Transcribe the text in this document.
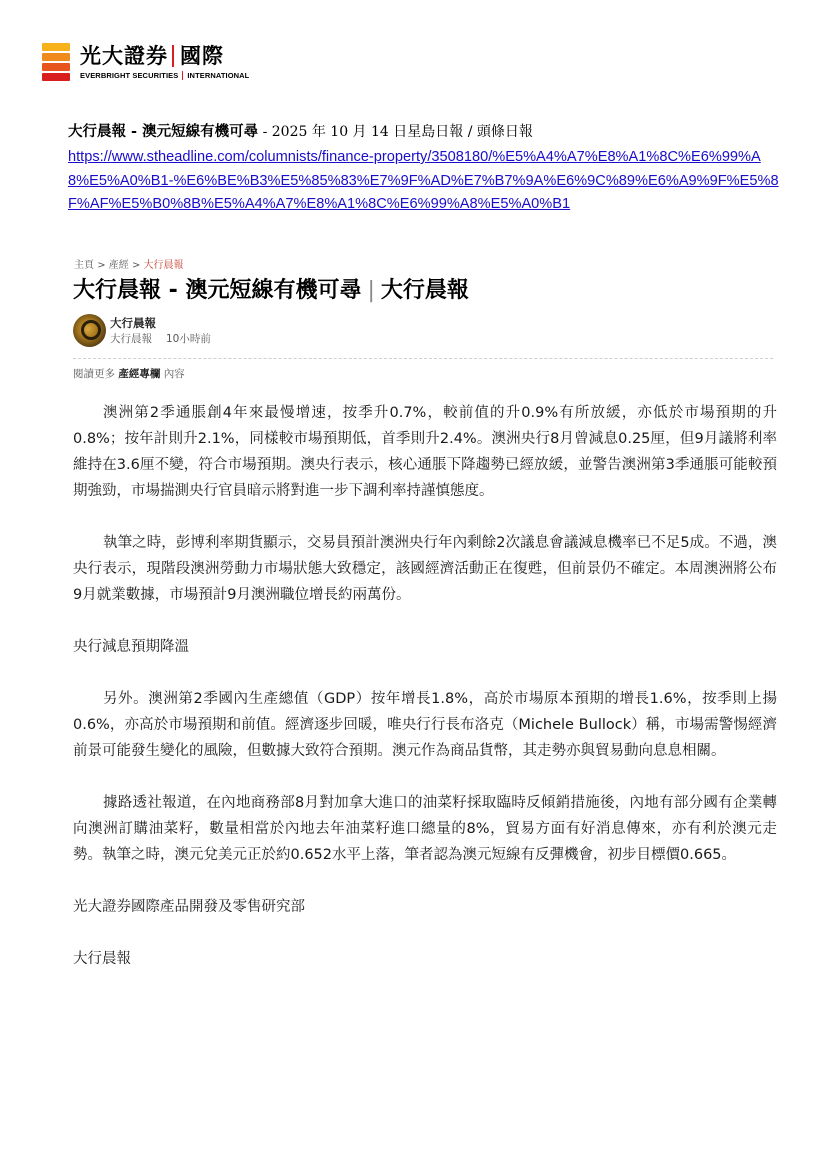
光大證券 國際
EVERBRIGHT SECURITIES INTERNATIONAL
大行晨報 - 澳元短線有機可尋 - 2025 年 10 月 14 日星島日報 / 頭條日報
https://www.stheadline.com/columnists/finance-property/3508180/%E5%A4%A7%E8%A1%8C%E6%99%A8%E5%A0%B1-%E6%BE%B3%E5%85%83%E7%9F%AD%E7%B7%9A%E6%9C%89%E6%A9%9F%E5%8F%AF%E5%B0%8B%E5%A4%A7%E8%A1%8C%E6%99%A8%E5%A0%B1
主頁 > 產經 > 大行晨報
大行晨報 - 澳元短線有機可尋 | 大行晨報
大行晨報
大行晨報 10小時前
閱讀更多 產經專欄 內容

澳洲第2季通脹創4年來最慢增速，按季升0.7%，較前值的升0.9%有所放緩，亦低於市場預期的升0.8%；按年計則升2.1%，同樣較市場預期低，首季則升2.4%。澳洲央行8月曾減息0.25厘，但9月議將利率維持在3.6厘不變，符合市場預期。澳央行表示，核心通脹下降趨勢已經放緩，並警告澳洲第3季通脹可能較預期強勁，市場揣測央行官員暗示將對進一步下調利率持謹慎態度。

執筆之時，彭博利率期貨顯示，交易員預計澳洲央行年內剩餘2次議息會議減息機率已不足5成。不過，澳央行表示，現階段澳洲勞動力市場狀態大致穩定，該國經濟活動正在復甦，但前景仍不確定。本周澳洲將公布9月就業數據，市場預計9月澳洲職位增長約兩萬份。

央行減息預期降溫

另外。澳洲第2季國內生產總值（GDP）按年增長1.8%，高於市場原本預期的增長1.6%，按季則上揚0.6%，亦高於市場預期和前值。經濟逐步回暖，唯央行行長布洛克（Michele Bullock）稱，市場需警惕經濟前景可能發生變化的風險，但數據大致符合預期。澳元作為商品貨幣，其走勢亦與貿易動向息息相關。

據路透社報道，在內地商務部8月對加拿大進口的油菜籽採取臨時反傾銷措施後，內地有部分國有企業轉向澳洲訂購油菜籽，數量相當於內地去年油菜籽進口總量的8%，貿易方面有好消息傳來，亦有利於澳元走勢。執筆之時，澳元兌美元正於約0.652水平上落，筆者認為澳元短線有反彈機會，初步目標價0.665。

光大證券國際產品開發及零售研究部

大行晨報
